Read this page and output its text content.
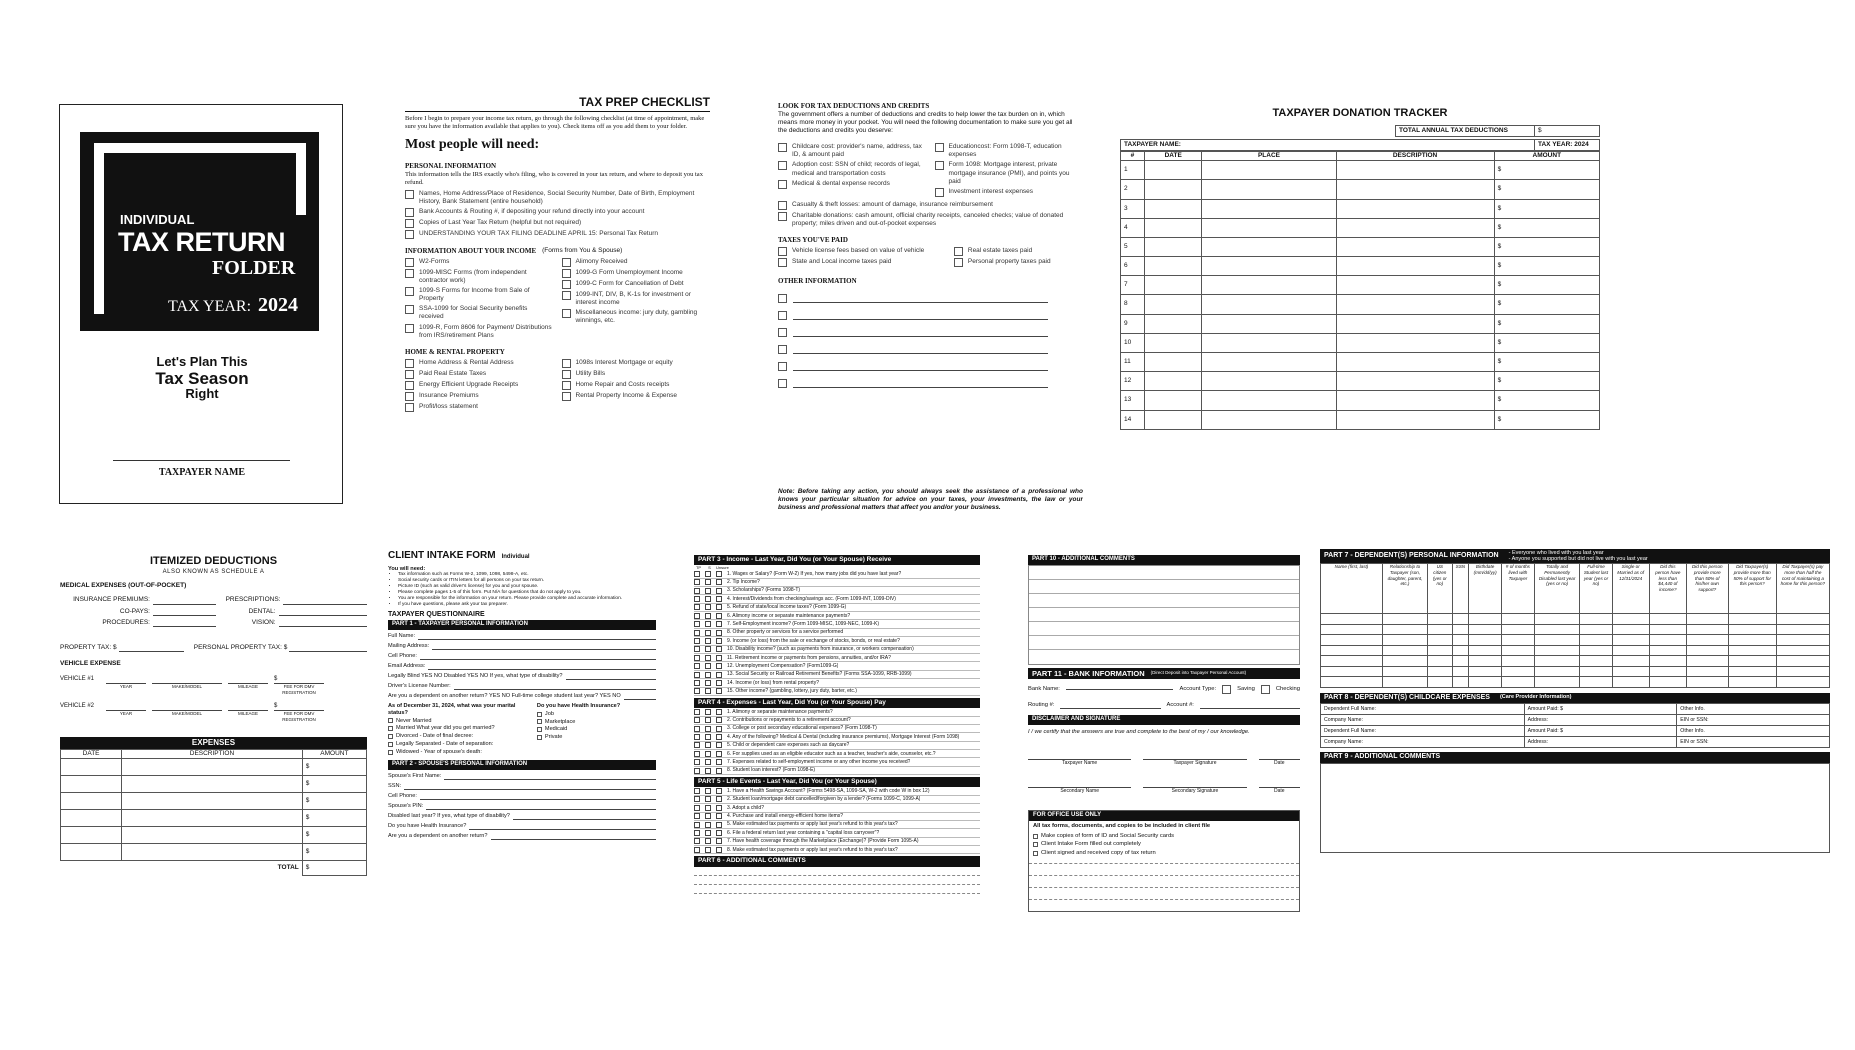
INDIVIDUAL
TAX RETURN
FOLDER
TAX YEAR: 2024
Let's Plan This
Tax Season
Right
TAXPAYER NAME
TAX PREP CHECKLIST
Before I begin to prepare your income tax return, go through the following checklist (at time of appointment, make sure you have the information available that applies to you). Check items off as you add them to your folder.
Most people will need:
PERSONAL INFORMATION
This information tells the IRS exactly who's filing, who is covered in your tax return, and where to deposit you tax refund.
Names, Home Address/Place of Residence, Social Security Number, Date of Birth, Employment History, Bank Statement (entire household)
Bank Accounts & Routing #, if depositing your refund directly into your account
Copies of Last Year Tax Return (helpful but not required)
UNDERSTANDING YOUR TAX FILING DEADLINE APRIL 15: Personal Tax Return
INFORMATION ABOUT YOUR INCOME (Forms from You & Spouse)
W2-Forms
1099-MISC Forms (from independent contractor work)
1099-S Forms for Income from Sale of Property
SSA-1099 for Social Security benefits received
1099-R, Form 8606 for Payment/ Distributions from IRS/retirement Plans
Alimony Received
1099-G Form Unemployment Income
1099-C Form for Cancellation of Debt
1099-INT, DIV, B, K-1s for investment or interest income
Miscellaneous income: jury duty, gambling winnings, etc.
HOME & RENTAL PROPERTY
Home Address & Rental Address
Paid Real Estate Taxes
Energy Efficient Upgrade Receipts
Insurance Premiums
Profit/loss statement
1098s Interest Mortgage or equity
Utility Bills
Home Repair and Costs receipts
Rental Property Income & Expense
LOOK FOR TAX DEDUCTIONS AND CREDITS
The government offers a number of deductions and credits to help lower the tax burden on in, which means more money in your pocket. You will need the following documentation to make sure you get all the deductions and credits you deserve:
Childcare cost: provider's name, address, tax ID, & amount paid
Adoption cost: SSN of child; records of legal, medical and transportation costs
Medical & dental expense records
Educationcost: Form 1098-T, education expenses
Form 1098: Mortgage interest, private mortgage insurance (PMI), and points you paid
Investment interest expenses
Casualty & theft losses: amount of damage, insurance reimbursement
Charitable donations: cash amount, official charity receipts, canceled checks; value of donated property; miles driven and out-of-pocket expenses
TAXES YOU'VE PAID
Vehicle license fees based on value of vehicle
State and Local income taxes paid
Real estate taxes paid
Personal property taxes paid
OTHER INFORMATION
Note: Before taking any action, you should always seek the assistance of a professional who knows your particular situation for advice on your taxes, your investments, the law or your business and professional matters that affect you and/or your business.
TAXPAYER DONATION TRACKER
TOTAL ANNUAL TAX DEDUCTIONS	$
TAXPAYER NAME:	TAX YEAR: 2024
#	DATE	PLACE	DESCRIPTION	AMOUNT
1				$
2				$
3				$
4				$
5				$
6				$
7				$
8				$
9				$
10				$
11				$
12				$
13				$
14				$
ITEMIZED DEDUCTIONS
ALSO KNOWN AS SCHEDULE A
MEDICAL EXPENSES (OUT-OF-POCKET)
INSURANCE PREMIUMS:
CO-PAYS:
PROCEDURES:
PRESCRIPTIONS:
DENTAL:
VISION:
PROPERTY TAX: $	PERSONAL PROPERTY TAX: $
VEHICLE EXPENSE
VEHICLE #1
YEAR	MAKE/MODEL	MILEAGE
$
FEE FOR DMV REGISTRATION
VEHICLE #2
YEAR	MAKE/MODEL	MILEAGE
$
FEE FOR DMV REGISTRATION
EXPENSES
DATE	DESCRIPTION	AMOUNT
		$
		$
		$
		$
		$
		$
	TOTAL	$
CLIENT INTAKE FORM Individual
You will need:
• Tax information such as Forms W-2, 1099, 1098, 5498-A, etc.
• Social security cards or ITIN letters for all persons on your tax return.
• Picture ID (such as valid driver's license) for you and your spouse.
• Please complete pages 1-5 of this form. Put N/A for questions that do not apply to you.
• You are responsible for the information on your return. Please provide complete and accurate information.
• If you have questions, please ask your tax preparer.
TAXPAYER QUESTIONNAIRE
PART 1 - TAXPAYER PERSONAL INFORMATION
Full Name:
Mailing Address:
Cell Phone:
Email Address:
Legally Blind YES NO Disabled YES NO If yes, what type of disability?
Driver's License Number:
Are you a dependent on another return? YES NO Full-time college student last year? YES NO
As of December 31, 2024, what was your marital status?
Never Married
Married What year did you get married?
Divorced - Date of final decree:
Legally Separated - Date of separation:
Widowed - Year of spouse's death:
Do you have Health Insurance?
Job
Marketplace
Medicaid
Private
PART 2 - SPOUSE'S PERSONAL INFORMATION
Spouse's First Name:
SSN:
Cell Phone:
Spouse's PIN:
Disabled last year? If yes, what type of disability?
Do you have Health Insurance?
Are you a dependent on another return?
PART 3 - Income - Last Year, Did You (or Your Spouse) Receive
TP	S	Unsure
1. Wages or Salary? (Form W-2) If yes, how many jobs did you have last year?
2. Tip Income?
3. Scholarships? (Forms 1098-T)
4. Interest/Dividends from checking/savings acc. (Form 1099-INT, 1099-DIV)
5. Refund of state/local income taxes? (Form 1099-G)
6. Alimony income or separate maintenance payments?
7. Self-Employment income? (Form 1099-MISC, 1099-NEC, 1099-K)
8. Other property or services for a service performed
9. Income (or loss) from the sale or exchange of stocks, bonds, or real estate?
10. Disability income? (such as payments from insurance, or workers compensation)
11. Retirement income or payments from pensions, annuities, and/or IRA?
12. Unemployment Compensation? (Form1099-G)
13. Social Security or Railroad Retirement Benefits? (Forms SSA-1099, RRB-1099)
14. Income (or loss) from rental property?
15. Other income? (gambling, lottery, jury duty, barter, etc.)
PART 4 - Expenses - Last Year, Did You (or Your Spouse) Pay
1. Alimony or separate maintenance payments?
2. Contributions or repayments to a retirement account?
3. College or post secondary educational expenses? (Form 1098-T)
4. Any of the following? Medical & Dental (including insurance premiums), Mortgage Interest (Form 1098)
5. Child or dependent care expenses such as daycare?
6. For supplies used as an eligible educator such as a teacher, teacher's aide, counselor, etc.?
7. Expenses related to self-employment income or any other income you received?
8. Student loan interest? (Form 1098-E)
PART 5 - Life Events - Last Year, Did You (or Your Spouse)
1. Have a Health Savings Account? (Forms 5498-SA, 1099-SA, W-2 with code W in box 12)
2. Student loan/mortgage debt cancelled/forgiven by a lender? (Forms 1099-C, 1099-A)
3. Adopt a child?
4. Purchase and install energy-efficient home items?
5. Make estimated tax payments or apply last year's refund to this year's tax?
6. File a federal return last year containing a "capital loss carryover"?
7. Have health coverage through the Marketplace (Exchange)? (Provide Form 1095-A)
8. Make estimated tax payments or apply last year's refund to this year's tax?
PART 6 - ADDITIONAL COMMENTS
PART 10 - ADDITIONAL COMMENTS
PART 11 - BANK INFORMATION (Direct Deposit into Taxpayer Personal Account)
Bank Name:	Account Type:	Saving	Checking
Routing #:	Account #:
DISCLAIMER AND SIGNATURE
I / we certify that the answers are true and complete to the best of my / our knowledge.
Taxpayer Name	Taxpayer Signature	Date
Secondary Name	Secondary Signature	Date
FOR OFFICE USE ONLY
All tax forms, documents, and copies to be included in client file
Make copies of form of ID and Social Security cards
Client Intake Form filled out completely
Client signed and received copy of tax return
PART 7 - DEPENDENT(S) PERSONAL INFORMATION - Everyone who lived with you last year
- Anyone you supported but did not live with you last year
Name (first, last)	Relationship to Taxpayer (son, daughter, parent, etc.)	US citizen (yes or no)	SSN	Birthdate (mm/dd/yy)	# of months lived with Taxpayer	Totally and Permanently Disabled last year (yes or no)	Full-time Student last year (yes or no)	Single or Married as of 12/31/2024	Did this person have less than $4,440 of income?	Did this person provide more than 50% of his/her own support?	Did Taxpayer(s) provide more than 50% of support for this person?	Did Taxpayer(s) pay more than half the cost of maintaining a home for this person?

PART 8 - DEPENDENT(S) CHILDCARE EXPENSES (Care Provider Information)
Dependent Full Name:	Amount Paid: $	Other Info.
Company Name:	Address:	EIN or SSN:
Dependent Full Name:	Amount Paid: $	Other Info.
Company Name:	Address:	EIN or SSN:
PART 9 - ADDITIONAL COMMENTS
